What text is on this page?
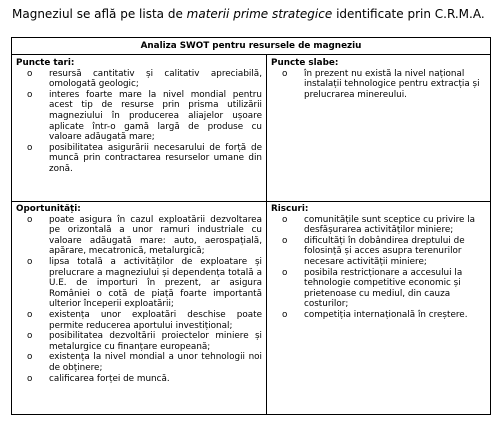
Magneziul se află pe lista de materii prime strategice identificate prin C.R.M.A.
Analiza SWOT pentru resursele de magneziu
Puncte tari:
o resursă cantitativ și calitativ apreciabilă, omologată geologic;
o interes foarte mare la nivel mondial pentru acest tip de resurse prin prisma utilizării magneziului în producerea aliajelor ușoare aplicate într-o gamă largă de produse cu valoare adăugată mare;
o posibilitatea asigurării necesarului de forță de muncă prin contractarea resurselor umane din zonă.
Puncte slabe:
o în prezent nu există la nivel național instalații tehnologice pentru extracția și prelucrarea minereului.
Oportunități:
o poate asigura în cazul exploatării dezvoltarea pe orizontală a unor ramuri industriale cu valoare adăugată mare: auto, aerospațială, apărare, mecatronică, metalurgică;
o lipsa totală a activităților de exploatare și prelucrare a magneziului și dependența totală a U.E. de importuri în prezent, ar asigura României o cotă de piață foarte importantă ulterior începerii exploatării;
o existența unor exploatări deschise poate permite reducerea aportului investițional;
o posibilitatea dezvoltării proiectelor miniere și metalurgice cu finanțare europeană;
o existența la nivel mondial a unor tehnologii noi de obținere;
o calificarea forței de muncă.
Riscuri:
o comunitățile sunt sceptice cu privire la desfășurarea activităților miniere;
o dificultăți în dobândirea dreptului de folosință și acces asupra terenurilor necesare activității miniere;
o posibila restricționare a accesului la tehnologie competitive economic și prietenoase cu mediul, din cauza costurilor;
o competiția internațională în creștere.
